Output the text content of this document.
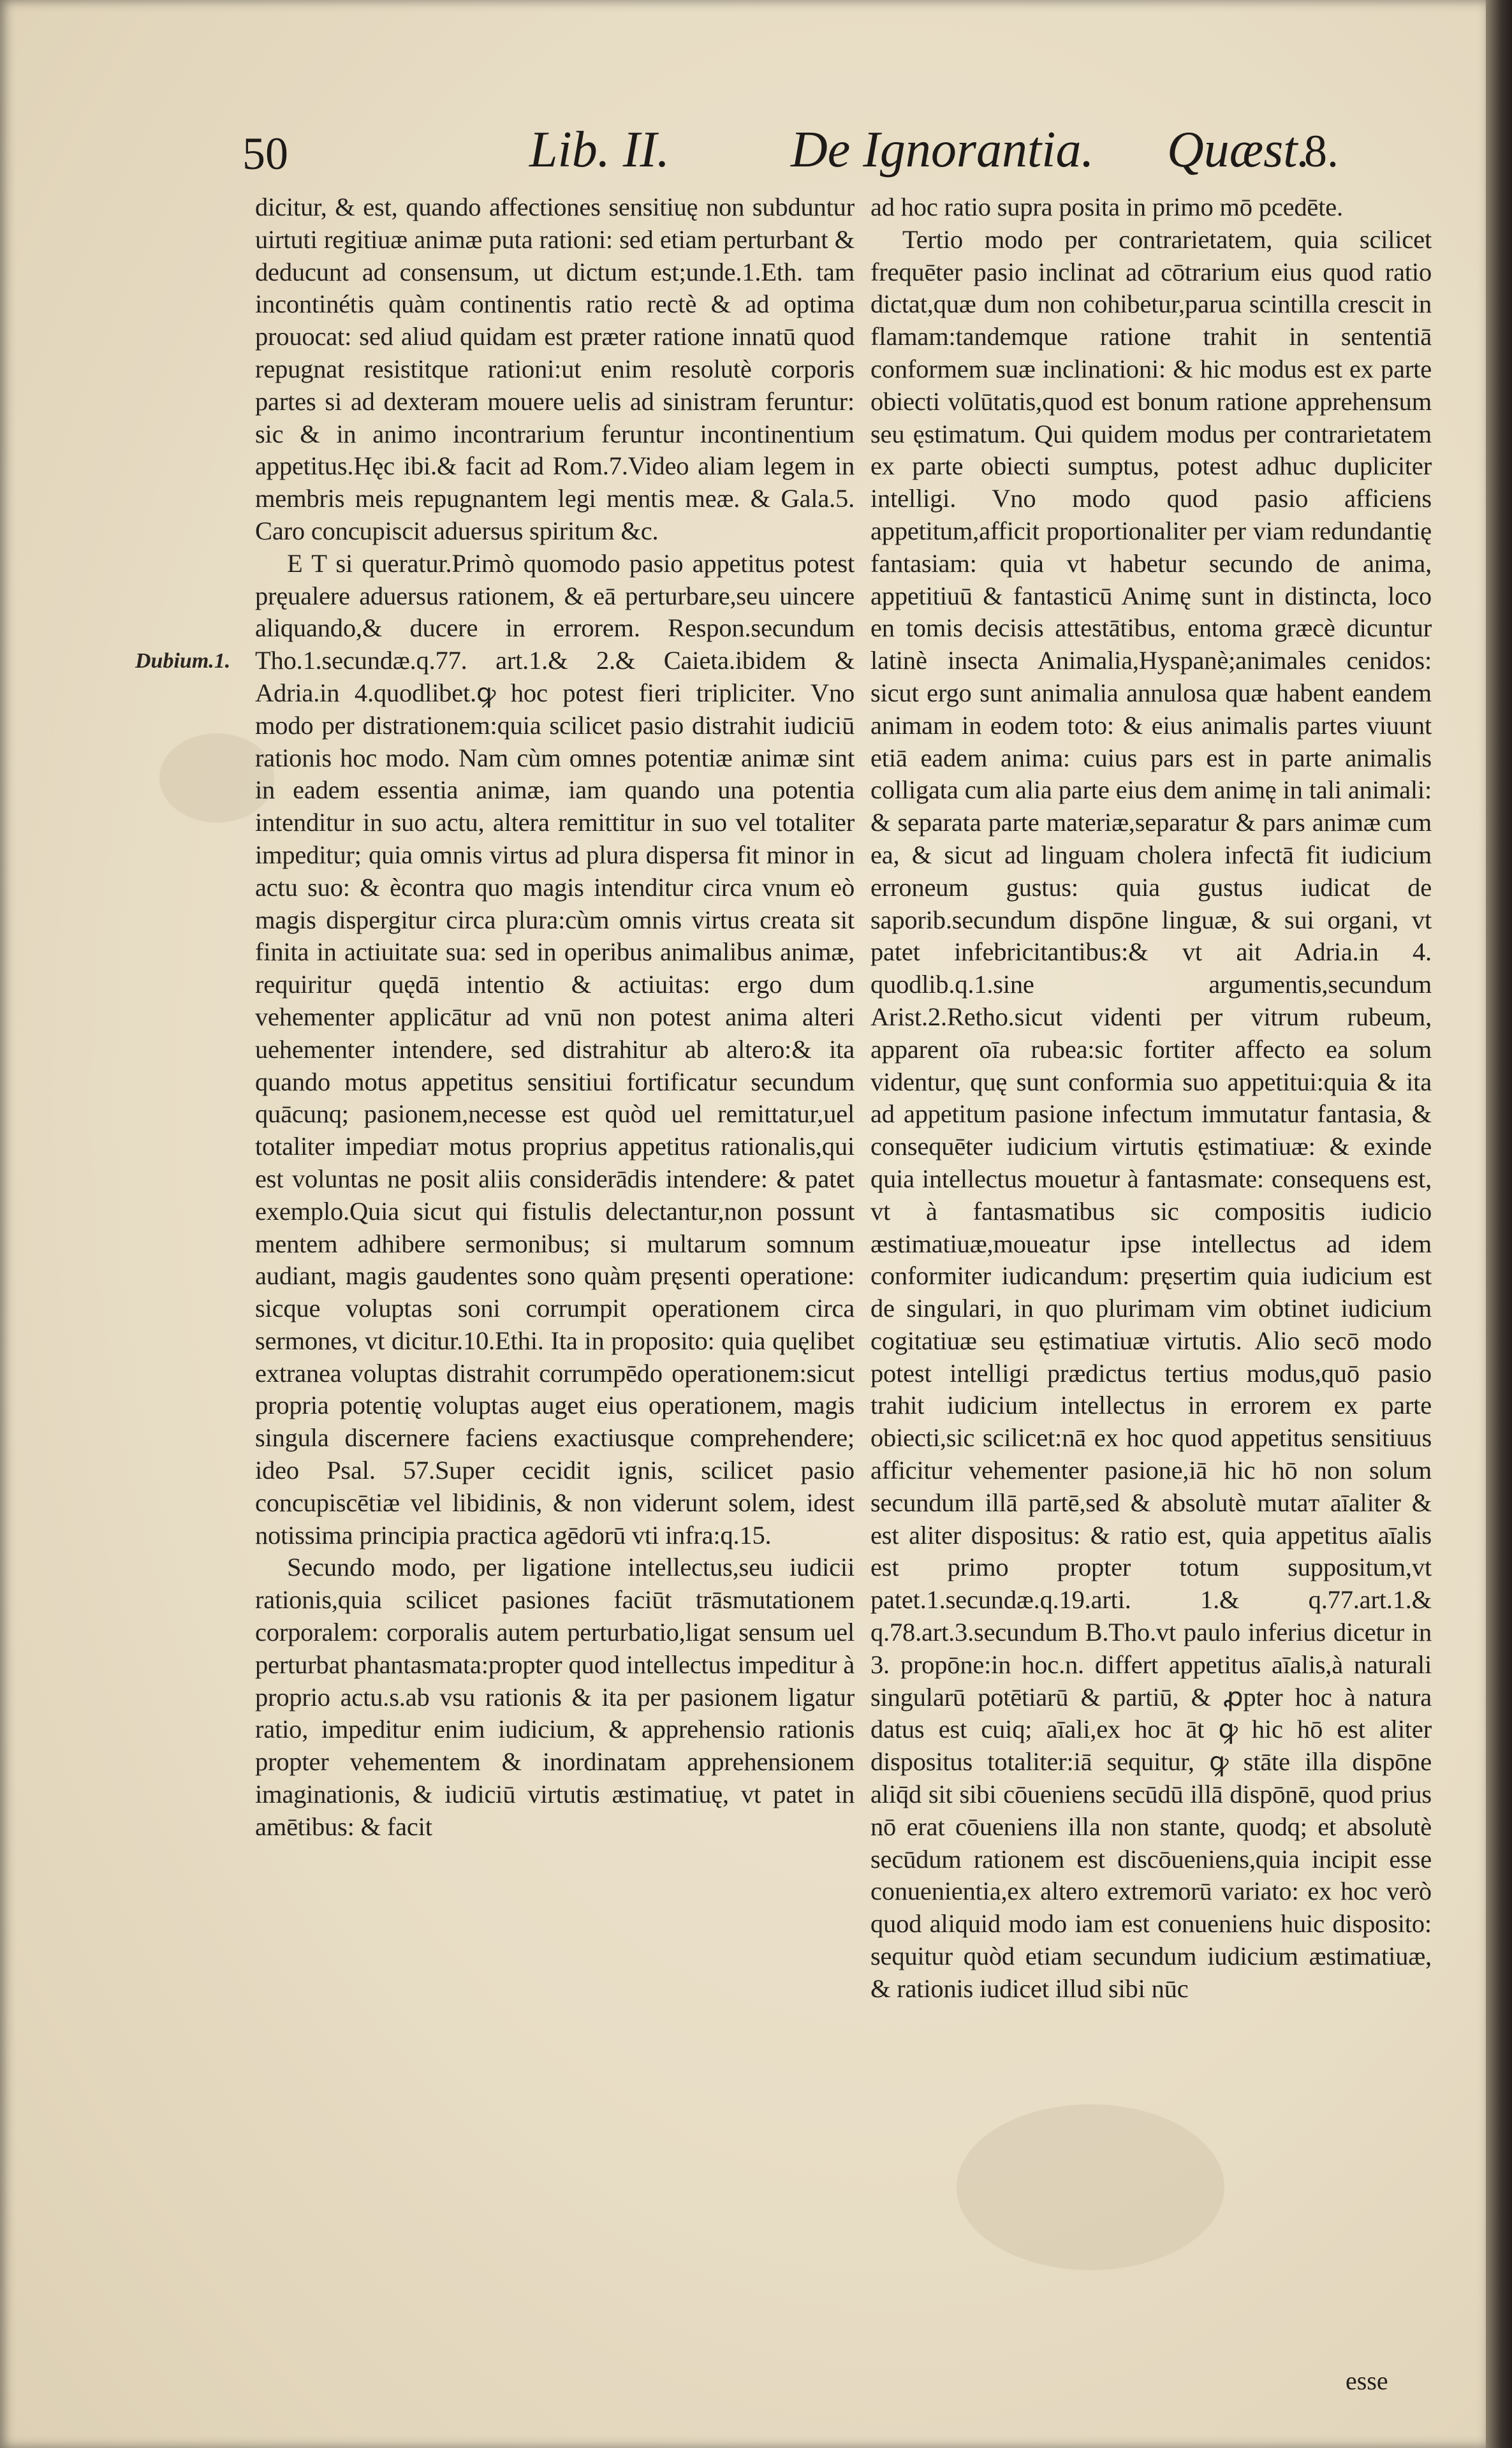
50	Lib. II. De Ignorantia. Quæst.
8.
Dubium.1.

dicitur, & est, quando affectiones sensitiuę non subduntur uirtuti regitiuæ animæ puta rationi: sed etiam perturbant & deducunt ad consensum, ut dictum est;unde.1.Eth. tam incontinétis quàm continentis ratio rectè & ad optima prouocat: sed aliud quidam est præter ratione innatū quod repugnat resistitque rationi:ut enim resolutè corporis partes si ad dexteram mouere uelis ad sinistram feruntur: sic & in animo incontrarium feruntur incontinentium appetitus.Hęc ibi.& facit ad Rom.7.Video aliam legem in membris meis repugnantem legi mentis meæ. & Gala.5. Caro concupiscit aduersus spiritum &c.

E T si queratur.Primò quomodo pasio appetitus potest pręualere aduersus rationem, & eā perturbare,seu uincere aliquando,& ducere in errorem. Respon.secundum Tho.1.secundæ.q.77. art.1.& 2.& Caieta.ibidem & Adria.in 4.quodlibet.ꝙ hoc potest fieri tripliciter. Vno modo per distrationem:quia scilicet pasio distrahit iudiciū rationis hoc modo. Nam cùm omnes potentiæ animæ sint in eadem essentia animæ, iam quando una potentia intenditur in suo actu, altera remittitur in suo vel totaliter impeditur; quia omnis virtus ad plura dispersa fit minor in actu suo: & ècontra quo magis intenditur circa vnum eò magis dispergitur circa plura:cùm omnis virtus creata sit finita in actiuitate sua: sed in operibus animalibus animæ, requiritur quędā intentio & actiuitas: ergo dum vehementer applicātur ad vnū non potest anima alteri uehementer intendere, sed distrahitur ab altero:& ita quando motus appetitus sensitiui fortificatur secundum quācunq; pasionem,necesse est quòd uel remittatur,uel totaliter impediaт motus proprius appetitus rationalis,qui est voluntas ne posit aliis considerādis intendere: & patet exemplo.Quia sicut qui fistulis delectantur,non possunt mentem adhibere sermonibus; si multarum somnum audiant, magis gaudentes sono quàm pręsenti operatione: sicque voluptas soni corrumpit operationem circa sermones, vt dicitur.10.Ethi. Ita in proposito: quia quęlibet extranea voluptas distrahit corrumpēdo operationem:sicut propria potentię voluptas auget eius operationem, magis singula discernere faciens exactiusque comprehendere; ideo Psal. 57.Super cecidit ignis, scilicet pasio concupiscētiæ vel libidinis, & non viderunt solem, idest notissima principia practica agēdorū vti infra:q.15.

Secundo modo, per ligatione intellectus,seu iudicii rationis,quia scilicet pasiones faciūt trāsmutationem corporalem: corporalis autem perturbatio,ligat sensum uel perturbat phantasmata:propter quod intellectus impeditur à proprio actu.s.ab vsu rationis & ita per pasionem ligatur ratio, impeditur enim iudicium, & apprehensio rationis propter vehementem & inordinatam apprehensionem imaginationis, & iudiciū virtutis æstimatiuę, vt patet in amētibus: & facit

ad hoc ratio supra posita in primo mō pcedēte.

Tertio modo per contrarietatem, quia scilicet frequēter pasio inclinat ad cōtrarium eius quod ratio dictat,quæ dum non cohibetur,parua scintilla crescit in flamam:tandemque ratione trahit in sententiā conformem suæ inclinationi: & hic modus est ex parte obiecti volūtatis,quod est bonum ratione apprehensum seu ęstimatum. Qui quidem modus per contrarietatem ex parte obiecti sumptus, potest adhuc dupliciter intelligi. Vno modo quod pasio afficiens appetitum,afficit proportionaliter per viam redundantię fantasiam: quia vt habetur secundo de anima, appetitiuū & fantasticū Animę sunt in distincta, loco en tomis decisis attestātibus, entoma græcè dicuntur latinè insecta Animalia,Hyspanè;animales cenidos: sicut ergo sunt animalia annulosa quæ habent eandem animam in eodem toto: & eius animalis partes viuunt etiā eadem anima: cuius pars est in parte animalis colligata cum alia parte eius dem animę in tali animali: & separata parte materiæ,separatur & pars animæ cum ea, & sicut ad linguam cholera infectā fit iudicium erroneum gustus: quia gustus iudicat de saporib.secundum dispōne linguæ, & sui organi, vt patet infebricitantibus:& vt ait Adria.in 4. quodlib.q.1.sine argumentis,secundum Arist.2.Retho.sicut videnti per vitrum rubeum, apparent oīa rubea:sic fortiter affecto ea solum videntur, quę sunt conformia suo appetitui:quia & ita ad appetitum pasione infectum immutatur fantasia, & consequēter iudicium virtutis ęstimatiuæ: & exinde quia intellectus mouetur à fantasmate: consequens est, vt à fantasmatibus sic compositis iudicio æstimatiuæ,moueatur ipse intellectus ad idem conformiter iudicandum: pręsertim quia iudicium est de singulari, in quo plurimam vim obtinet iudicium cogitatiuæ seu ęstimatiuæ virtutis. Alio secō modo potest intelligi prædictus tertius modus,quō pasio trahit iudicium intellectus in errorem ex parte obiecti,sic scilicet:nā ex hoc quod appetitus sensitiuus afficitur vehementer pasione,iā hic hō non solum secundum illā partē,sed & absolutè mutaт aīaliter & est aliter dispositus: & ratio est, quia appetitus aīalis est primo propter totum suppositum,vt patet.1.secundæ.q.19.arti. 1.& q.77.art.1.& q.78.art.3.secundum B.Tho.vt paulo inferius dicetur in 3. propōne:in hoc.n. differt appetitus aīalis,à naturali singularū potētiarū & partiū, & ꝓpter hoc à natura datus est cuiq; aīali,ex hoc āt ꝙ hic hō est aliter dispositus totaliter:iā sequitur, ꝙ stāte illa dispōne aliq̄d sit sibi cōueniens secūdū illā dispōnē, quod prius nō erat cōueniens illa non stante, quodq; et absolutè secūdum rationem est discōueniens,quia incipit esse conuenientia,ex altero extremorū variato: ex hoc verò quod aliquid modo iam est conueniens huic disposito: sequitur quòd etiam secundum iudicium æstimatiuæ, & rationis iudicet illud sibi nūc

esse
